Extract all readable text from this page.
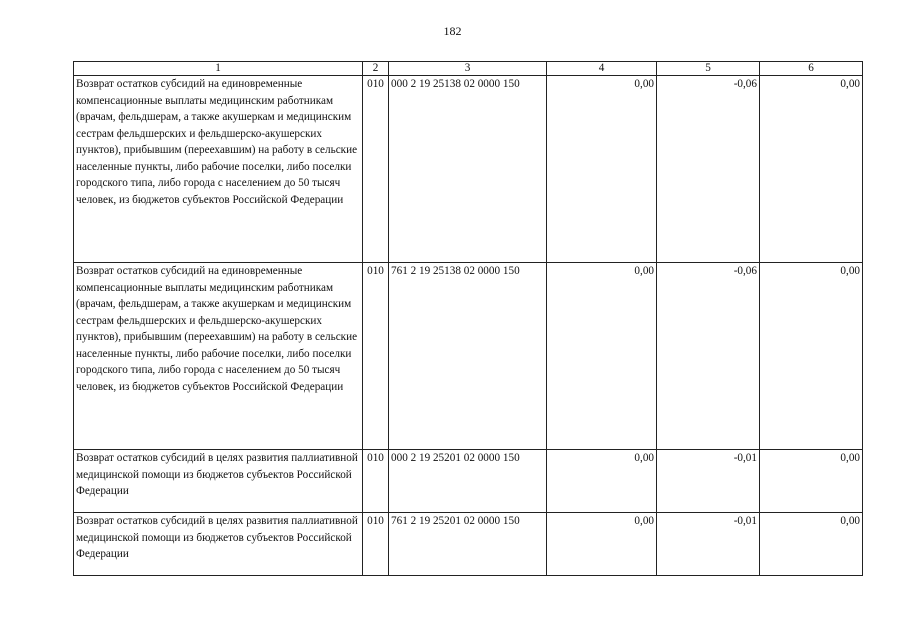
182
1	2	3	4	5	6

Возврат остатков субсидий на единовременные компенсационные выплаты медицинским работникам (врачам, фельдшерам, а также акушеркам и медицинским сестрам фельдшерских и фельдшерско-акушерских пунктов), прибывшим (переехавшим) на работу в сельские населенные пункты, либо рабочие поселки, либо поселки городского типа, либо города с населением до 50 тысяч человек, из бюджетов субъектов Российской Федерации	010	000 2 19 25138 02 0000 150	0,00	-0,06	0,00

Возврат остатков субсидий на единовременные компенсационные выплаты медицинским работникам (врачам, фельдшерам, а также акушеркам и медицинским сестрам фельдшерских и фельдшерско-акушерских пунктов), прибывшим (переехавшим) на работу в сельские населенные пункты, либо рабочие поселки, либо поселки городского типа, либо города с населением до 50 тысяч человек, из бюджетов субъектов Российской Федерации	010	761 2 19 25138 02 0000 150	0,00	-0,06	0,00

Возврат остатков субсидий в целях развития паллиативной медицинской помощи из бюджетов субъектов Российской Федерации	010	000 2 19 25201 02 0000 150	0,00	-0,01	0,00

Возврат остатков субсидий в целях развития паллиативной медицинской помощи из бюджетов субъектов Российской Федерации	010	761 2 19 25201 02 0000 150	0,00	-0,01	0,00
